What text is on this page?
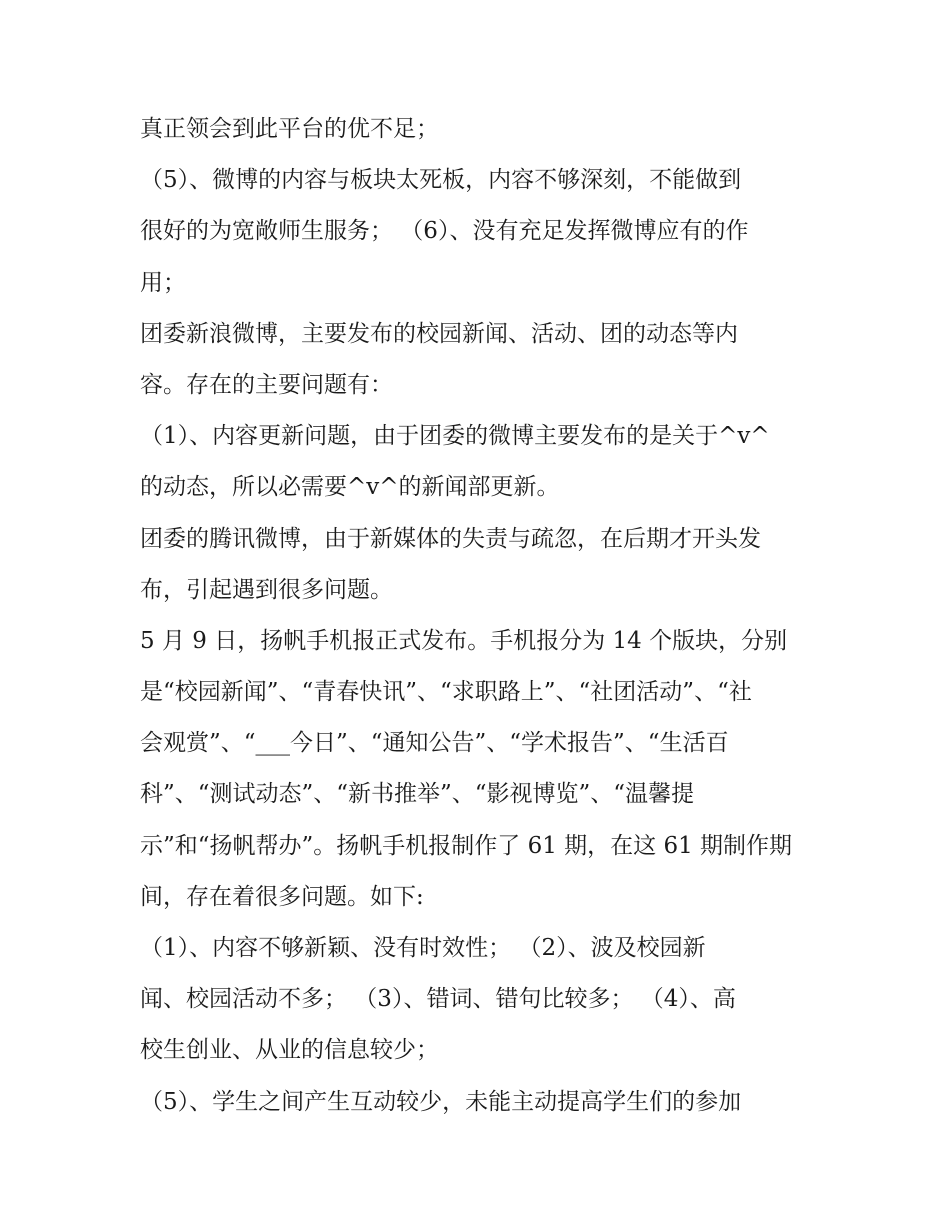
真正领会到此平台的优不足；
（5）、微博的内容与板块太死板，内容不够深刻，不能做到
很好的为宽敞师生服务； （6）、没有充足发挥微博应有的作
用；
团委新浪微博，主要发布的校园新闻、活动、团的动态等内
容。存在的主要问题有：
（1）、内容更新问题，由于团委的微博主要发布的是关于^v^
的动态，所以必需要^v^的新闻部更新。
团委的腾讯微博，由于新媒体的失责与疏忽，在后期才开头发
布，引起遇到很多问题。
5 月 9 日，扬帆手机报正式发布。手机报分为 14 个版块，分别
是“校园新闻”、“青春快讯”、“求职路上”、“社团活动”、“社
会观赏”、“___今日”、“通知公告”、“学术报告”、“生活百
科”、“测试动态”、“新书推举”、“影视博览”、“温馨提
示”和“扬帆帮办”。扬帆手机报制作了 61 期，在这 61 期制作期
间，存在着很多问题。如下:
（1）、内容不够新颖、没有时效性； （2）、波及校园新
闻、校园活动不多； （3）、错词、错句比较多； （4）、高
校生创业、从业的信息较少；
（5）、学生之间产生互动较少，未能主动提高学生们的参加
